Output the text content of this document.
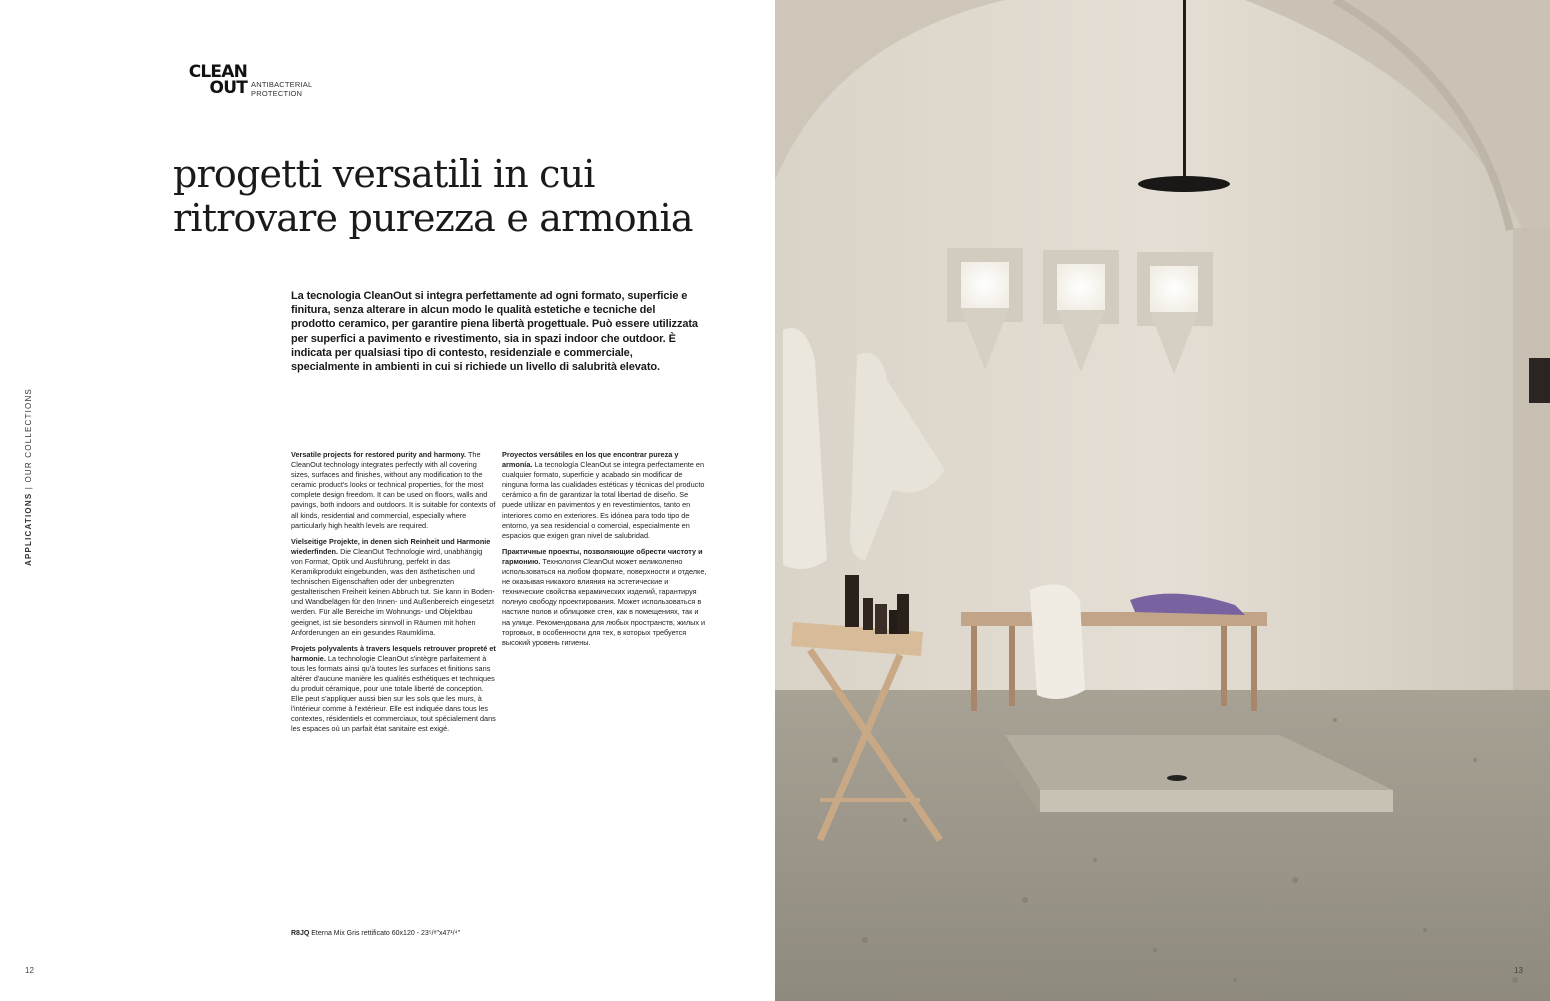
CLEAN
OUT ANTIBACTERIAL
PROTECTION
progetti versatili in cui
ritrovare purezza e armonia
La tecnologia CleanOut si integra perfettamente ad ogni formato, superficie e finitura, senza alterare in alcun modo le qualità estetiche e tecniche del prodotto ceramico, per garantire piena libertà progettuale. Può essere utilizzata per superfici a pavimento e rivestimento, sia in spazi indoor che outdoor. È indicata per qualsiasi tipo di contesto, residenziale e commerciale, specialmente in ambienti in cui si richiede un livello di salubrità elevato.
APPLICATIONS | OUR COLLECTIONS	Versatile projects for restored purity and harmony. The CleanOut technology integrates perfectly with all covering sizes, surfaces and finishes, without any modification to the ceramic product's looks or technical properties, for the most complete design freedom. It can be used on floors, walls and pavings, both indoors and outdoors. It is suitable for contexts of all kinds, residential and commercial, especially where particularly high health levels are required.

Vielseitige Projekte, in denen sich Reinheit und Harmonie wiederfinden. Die CleanOut Technologie wird, unabhängig von Format, Optik und Ausführung, perfekt in das Keramikprodukt eingebunden, was den ästhetischen und technischen Eigenschaften oder der unbegrenzten gestalterischen Freiheit keinen Abbruch tut. Sie kann in Boden- und Wandbelägen für den Innen- und Außenbereich eingesetzt werden. Für alle Bereiche im Wohnungs- und Objektbau geeignet, ist sie besonders sinnvoll in Räumen mit hohen Anforderungen an ein gesundes Raumklima.

Projets polyvalents à travers lesquels retrouver propreté et harmonie. La technologie CleanOut s'intègre parfaitement à tous les formats ainsi qu'à toutes les surfaces et finitions sans altérer d'aucune manière les qualités esthétiques et techniques du produit céramique, pour une totale liberté de conception. Elle peut s'appliquer aussi bien sur les sols que les murs, à l'intérieur comme à l'extérieur. Elle est indiquée dans tous les contextes, résidentiels et commerciaux, tout spécialement dans les espaces où un parfait état sanitaire est exigé.

Proyectos versátiles en los que encontrar pureza y armonía. La tecnología CleanOut se integra perfectamente en cualquier formato, superficie y acabado sin modificar de ninguna forma las cualidades estéticas y técnicas del producto cerámico a fin de garantizar la total libertad de diseño. Se puede utilizar en pavimentos y en revestimientos, tanto en interiores como en exteriores. Es idónea para todo tipo de entorno, ya sea residencial o comercial, especialmente en espacios que exigen gran nivel de salubridad.

Практичные проекты, позволяющие обрести чистоту и гармонию. Технология CleanOut может великолепно использоваться на любом формате, поверхности и отделке, не оказывая никакого влияния на эстетические и технические свойства керамических изделий, гарантируя полную свободу проектирования. Может использоваться в настиле полов и облицовке стен, как в помещениях, так и на улице. Рекомендована для любых пространств, жилых и торговых, в особенности для тех, в которых требуется высокий уровень гигиены.

R8JQ Eterna Mix Gris rettificato 60x120 - 23⁵/⁸"x47¹/⁴"
12	13
